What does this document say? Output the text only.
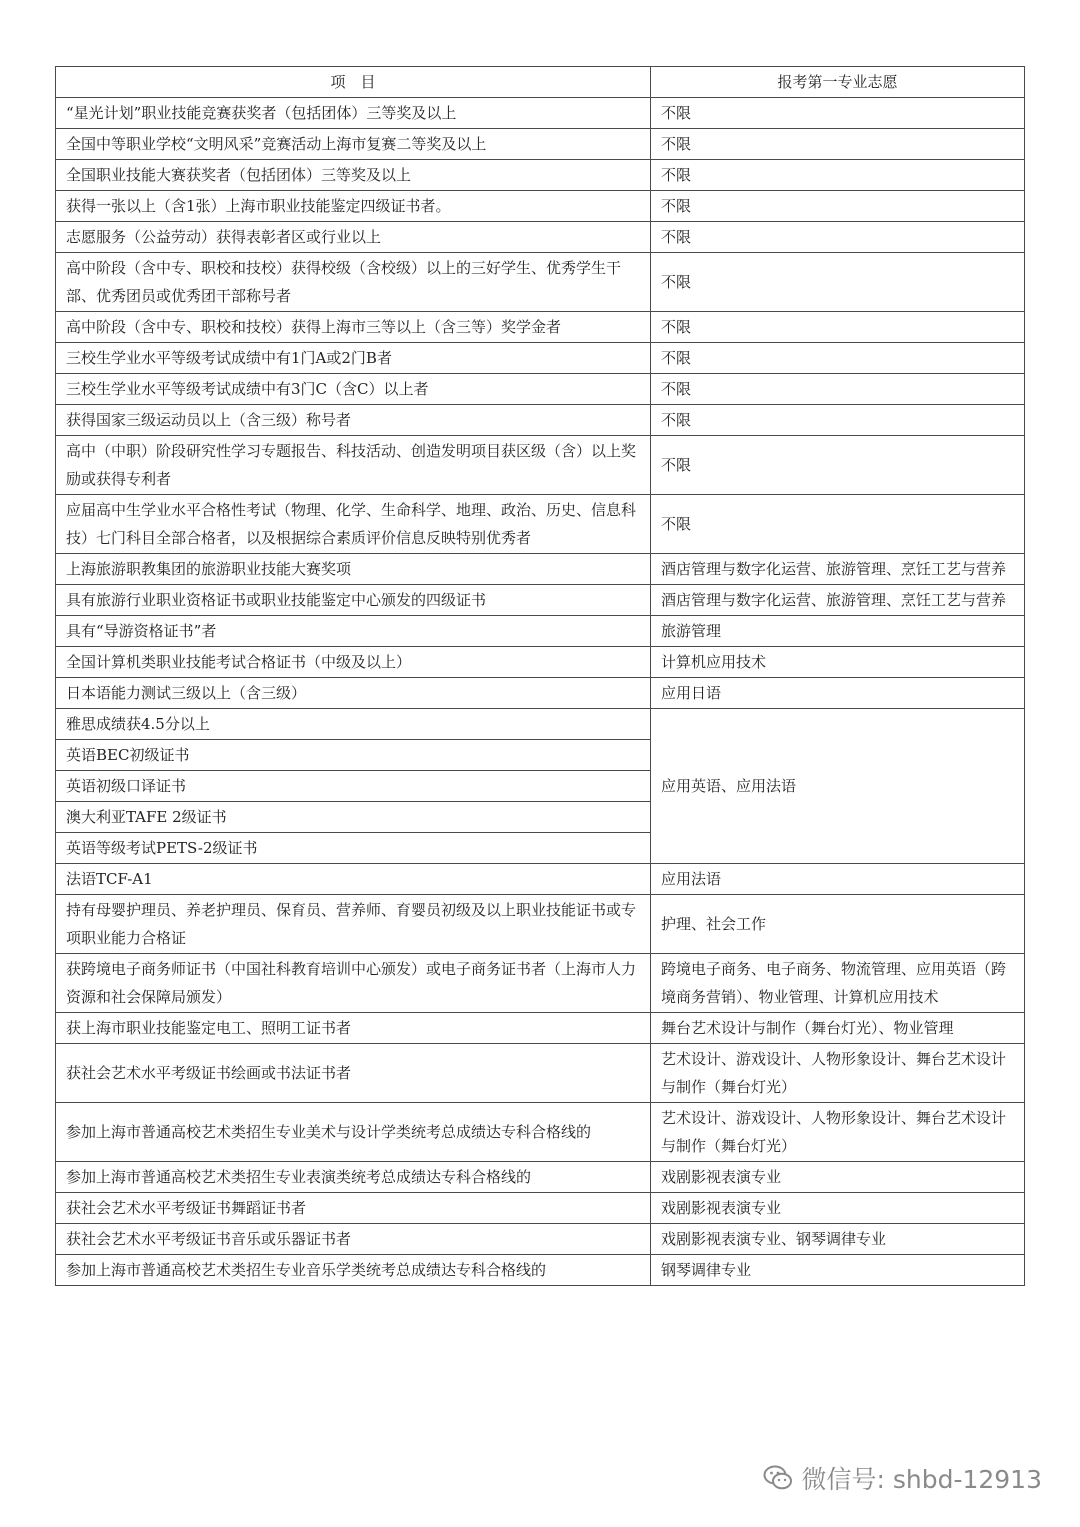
项　目	报考第一专业志愿
“星光计划”职业技能竞赛获奖者（包括团体）三等奖及以上	不限
全国中等职业学校“文明风采”竞赛活动上海市复赛二等奖及以上	不限
全国职业技能大赛获奖者（包括团体）三等奖及以上	不限
获得一张以上（含1张）上海市职业技能鉴定四级证书者。	不限
志愿服务（公益劳动）获得表彰者区或行业以上	不限
高中阶段（含中专、职校和技校）获得校级（含校级）以上的三好学生、优秀学生干部、优秀团员或优秀团干部称号者	不限
高中阶段（含中专、职校和技校）获得上海市三等以上（含三等）奖学金者	不限
三校生学业水平等级考试成绩中有1门A或2门B者	不限
三校生学业水平等级考试成绩中有3门C（含C）以上者	不限
获得国家三级运动员以上（含三级）称号者	不限
高中（中职）阶段研究性学习专题报告、科技活动、创造发明项目获区级（含）以上奖励或获得专利者	不限
应届高中生学业水平合格性考试（物理、化学、生命科学、地理、政治、历史、信息科技）七门科目全部合格者，以及根据综合素质评价信息反映特别优秀者	不限
上海旅游职教集团的旅游职业技能大赛奖项	酒店管理与数字化运营、旅游管理、烹饪工艺与营养
具有旅游行业职业资格证书或职业技能鉴定中心颁发的四级证书	酒店管理与数字化运营、旅游管理、烹饪工艺与营养
具有“导游资格证书”者	旅游管理
全国计算机类职业技能考试合格证书（中级及以上）	计算机应用技术
日本语能力测试三级以上（含三级）	应用日语
雅思成绩获4.5分以上	应用英语、应用法语
英语BEC初级证书	
英语初级口译证书	
澳大利亚TAFE 2级证书	
英语等级考试PETS-2级证书	
法语TCF-A1	应用法语
持有母婴护理员、养老护理员、保育员、营养师、育婴员初级及以上职业技能证书或专项职业能力合格证	护理、社会工作
获跨境电子商务师证书（中国社科教育培训中心颁发）或电子商务证书者（上海市人力资源和社会保障局颁发）	跨境电子商务、电子商务、物流管理、应用英语（跨境商务营销）、物业管理、计算机应用技术
获上海市职业技能鉴定电工、照明工证书者	舞台艺术设计与制作（舞台灯光）、物业管理
获社会艺术水平考级证书绘画或书法证书者	艺术设计、游戏设计、人物形象设计、舞台艺术设计与制作（舞台灯光）
参加上海市普通高校艺术类招生专业美术与设计学类统考总成绩达专科合格线的	艺术设计、游戏设计、人物形象设计、舞台艺术设计与制作（舞台灯光）
参加上海市普通高校艺术类招生专业表演类统考总成绩达专科合格线的	戏剧影视表演专业
获社会艺术水平考级证书舞蹈证书者	戏剧影视表演专业
获社会艺术水平考级证书音乐或乐器证书者	戏剧影视表演专业、钢琴调律专业
参加上海市普通高校艺术类招生专业音乐学类统考总成绩达专科合格线的	钢琴调律专业
微信号: shbd-12913
